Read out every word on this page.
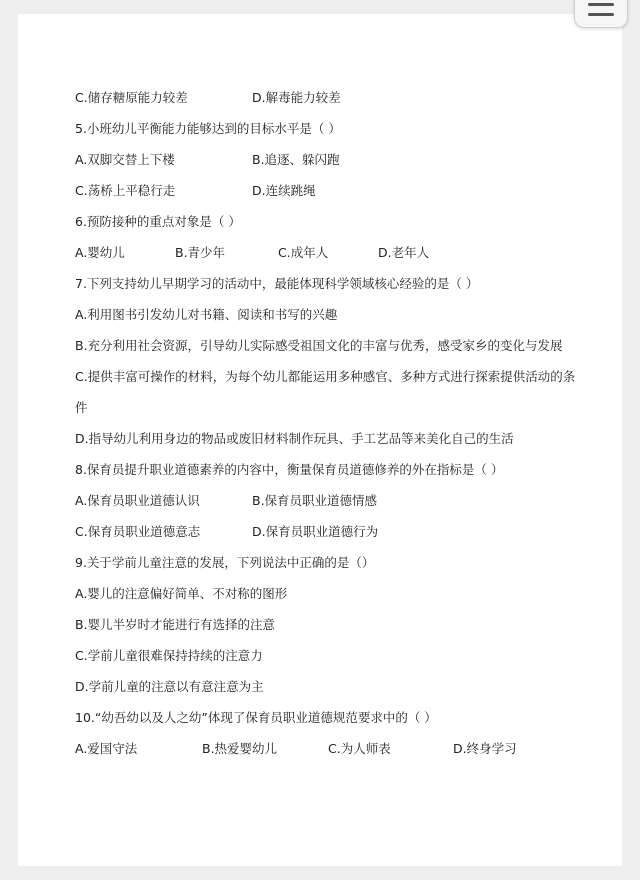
C.储存糖原能力较差	D.解毒能力较差
5.小班幼儿平衡能力能够达到的目标水平是（ ）
A.双脚交替上下楼	B.追逐、躲闪跑
C.荡桥上平稳行走	D.连续跳绳
6.预防接种的重点对象是（ ）
A.婴幼儿	B.青少年	C.成年人	D.老年人
7.下列支持幼儿早期学习的活动中，最能体现科学领域核心经验的是（ ）
A.利用图书引发幼儿对书籍、阅读和书写的兴趣
B.充分利用社会资源，引导幼儿实际感受祖国文化的丰富与优秀，感受家乡的变化与发展
C.提供丰富可操作的材料，为每个幼儿都能运用多种感官、多种方式进行探索提供活动的条
件
D.指导幼儿利用身边的物品或废旧材料制作玩具、手工艺品等来美化自己的生活
8.保育员提升职业道德素养的内容中，衡量保育员道德修养的外在指标是（ ）
A.保育员职业道德认识	B.保育员职业道德情感
C.保育员职业道德意志	D.保育员职业道德行为
9.关于学前儿童注意的发展，下列说法中正确的是（）
A.婴儿的注意偏好简单、不对称的图形
B.婴儿半岁时才能进行有选择的注意
C.学前儿童很难保持持续的注意力
D.学前儿童的注意以有意注意为主
10.“幼吾幼以及人之幼”体现了保育员职业道德规范要求中的（ ）
A.爱国守法	B.热爱婴幼儿	C.为人师表	D.终身学习
